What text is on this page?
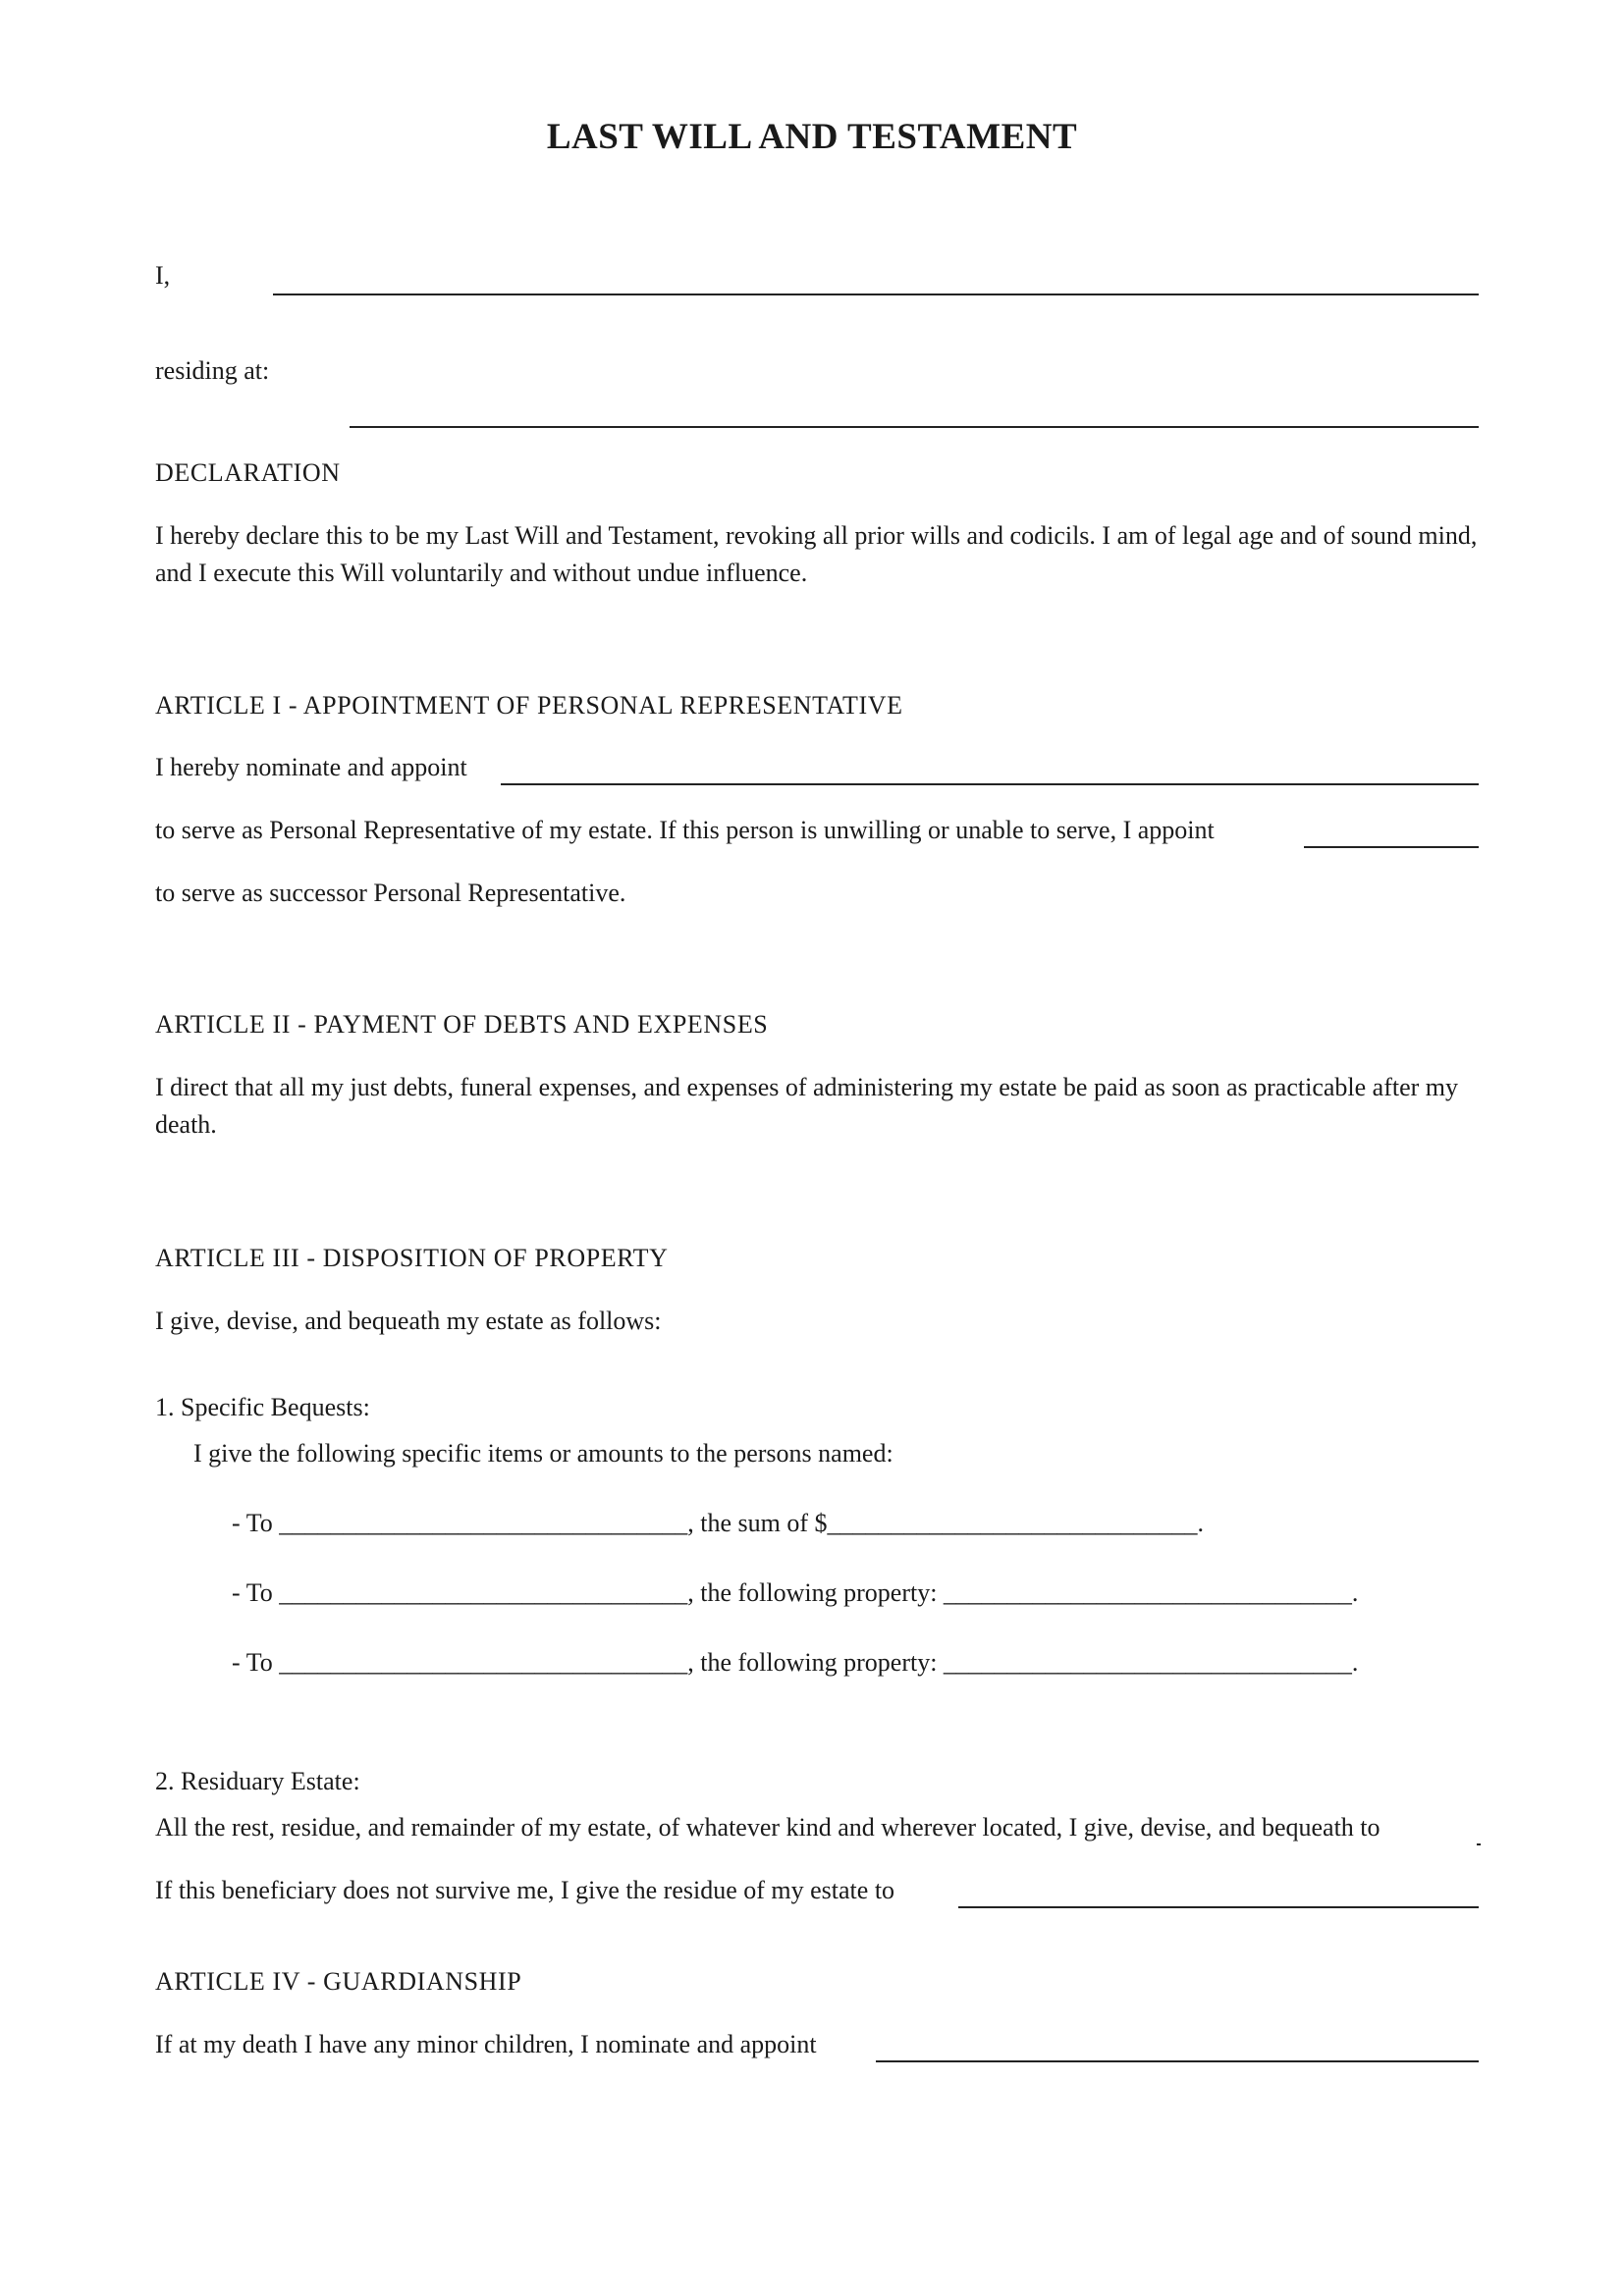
LAST WILL AND TESTAMENT

I,

residing at:

DECLARATION

I hereby declare this to be my Last Will and Testament, revoking all prior wills and codicils. I am of legal age and of sound mind, and I execute this Will voluntarily and without undue influence.

ARTICLE I - APPOINTMENT OF PERSONAL REPRESENTATIVE

I hereby nominate and appoint

to serve as Personal Representative of my estate. If this person is unwilling or unable to serve, I appoint

to serve as successor Personal Representative.

ARTICLE II - PAYMENT OF DEBTS AND EXPENSES

I direct that all my just debts, funeral expenses, and expenses of administering my estate be paid as soon as practicable after my death.

ARTICLE III - DISPOSITION OF PROPERTY

I give, devise, and bequeath my estate as follows:

1. Specific Bequests:

I give the following specific items or amounts to the persons named:

- To ________________________________, the sum of $_____________________________.

- To ________________________________, the following property: ________________________________.

- To ________________________________, the following property: ________________________________.

2. Residuary Estate:

All the rest, residue, and remainder of my estate, of whatever kind and wherever located, I give, devise, and bequeath to

If this beneficiary does not survive me, I give the residue of my estate to

ARTICLE IV - GUARDIANSHIP

If at my death I have any minor children, I nominate and appoint
